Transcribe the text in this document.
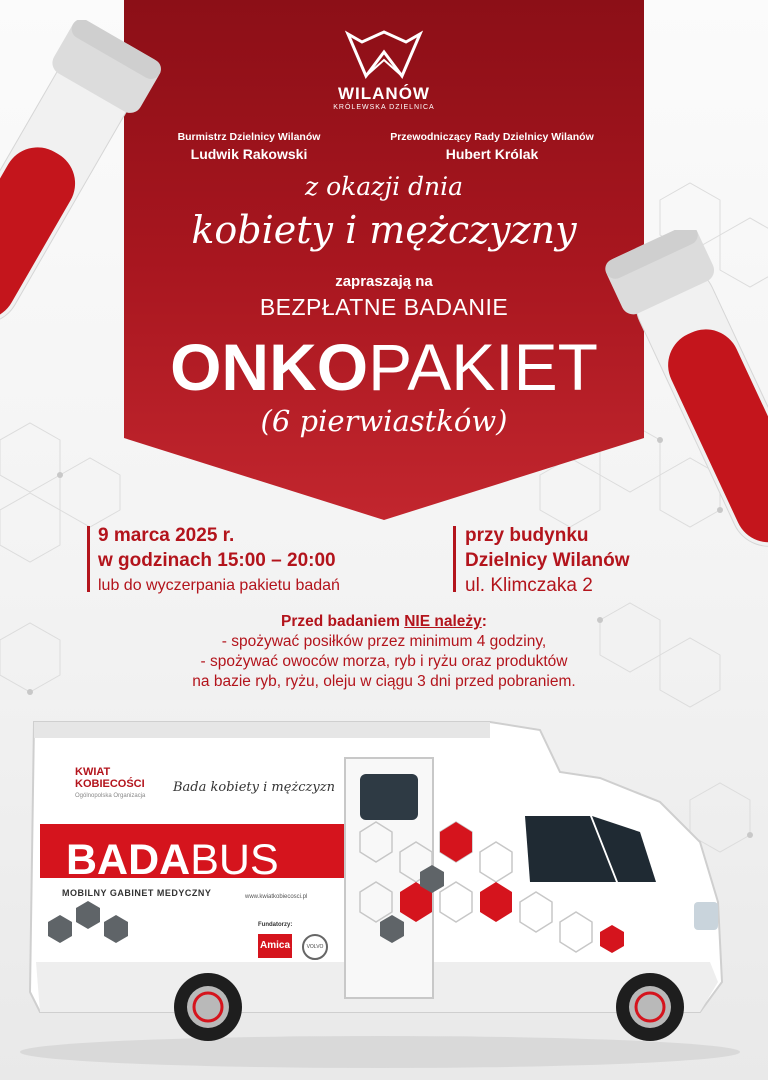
WILANÓW
KRÓLEWSKA DZIELNICA
Burmistrz Dzielnicy Wilanów
Ludwik Rakowski
Przewodniczący Rady Dzielnicy Wilanów
Hubert Królak
z okazji dnia
kobiety i mężczyzny
zapraszają na
BEZPŁATNE BADANIE
ONKOPAKIET
(6 pierwiastków)
9 marca 2025 r.
w godzinach 15:00 – 20:00
lub do wyczerpania pakietu badań
przy budynku
Dzielnicy Wilanów
ul. Klimczaka 2
Przed badaniem NIE należy:
- spożywać posiłków przez minimum 4 godziny,
- spożywać owoców morza, ryb i ryżu oraz produktów
na bazie ryb, ryżu, oleju w ciągu 3 dni przed pobraniem.
KWIAT
KOBIECOŚCI
Ogólnopolska Organizacja
Bada kobiety i mężczyzn
BADABUS
MOBILNY GABINET MEDYCZNY	www.kwiatkobiecosci.pl
Fundatorzy:
Amica	VOLVO
